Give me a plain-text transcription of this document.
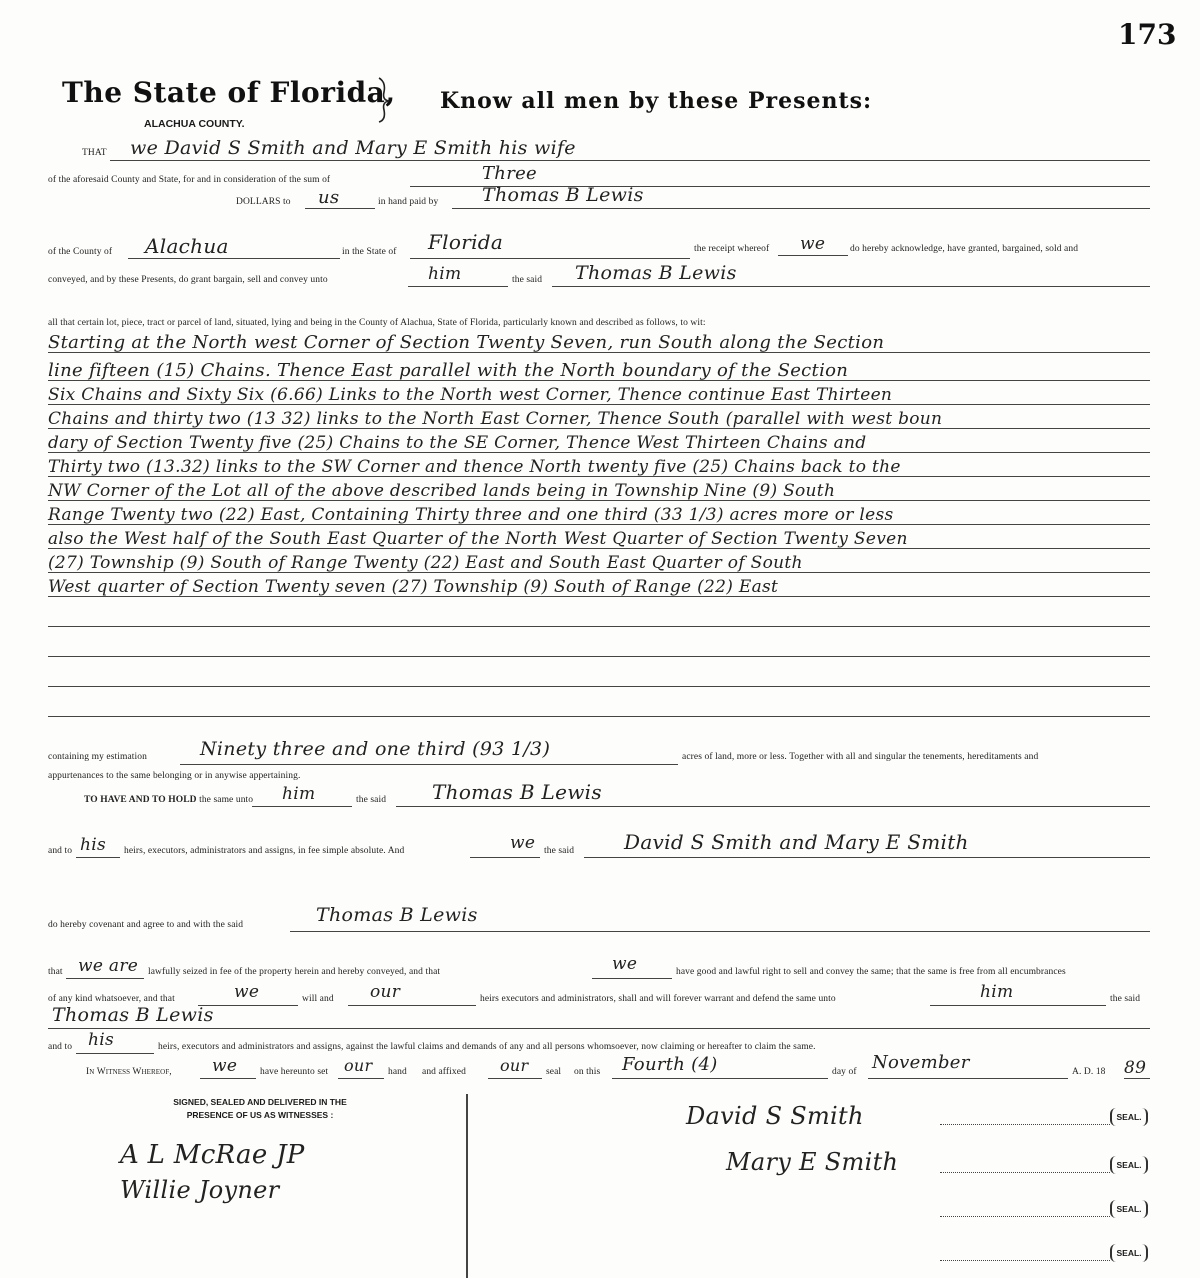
173
The State of Florida, Know all men by these Presents:
ALACHUA COUNTY.
THAT we David S Smith and Mary E Smith his wife
of the aforesaid County and State, for and in consideration of the sum of	Three
DOLLARS to us	in hand paid by Thomas B Lewis
of the County of Alachua	in the State of Florida	the receipt whereof we	do hereby acknowledge, have granted, bargained, sold and
conveyed, and by these Presents, do grant bargain, sell and convey unto	him	the said Thomas B Lewis
all that certain lot, piece, tract or parcel of land, situated, lying and being in the County of Alachua, State of Florida, particularly known and described as follows, to wit:
Starting at the North west Corner of Section Twenty Seven, run South along the Section
line fifteen (15) Chains. Thence East parallel with the North boundary of the Section
Six Chains and Sixty Six (6.66) Links to the North west Corner, Thence continue East Thirteen
Chains and thirty two (13 32) links to the North East Corner, Thence South (parallel with west boun
dary of Section Twenty five (25) Chains to the SE Corner, Thence West Thirteen Chains and
Thirty two (13.32) links to the SW Corner and thence North twenty five (25) Chains back to the
NW Corner of the Lot all of the above described lands being in Township Nine (9) South
Range Twenty two (22) East, Containing Thirty three and one third (33 1/3) acres more or less
also the West half of the South East Quarter of the North West Quarter of Section Twenty Seven
(27) Township (9) South of Range Twenty (22) East and South East Quarter of South
West quarter of Section Twenty seven (27) Township (9) South of Range (22) East
containing my estimation	Ninety three and one third (93 1/3)	acres of land, more or less. Together with all and singular the tenements, hereditaments and
appurtenances to the same belonging or in anywise appertaining.
TO HAVE AND TO HOLD the same unto him	the said Thomas B Lewis
and to his heirs, executors, administrators and assigns, in fee simple absolute. And	we the said David S Smith and Mary E Smith
do hereby covenant and agree to and with the said	Thomas B Lewis
that we are lawfully seized in fee of the property herein and hereby conveyed, and that	we	have good and lawful right to sell and convey the same; that the same is free from all encumbrances
of any kind whatsoever, and that	we	will and our	heirs executors and administrators, shall and will forever warrant and defend the same unto	him	the said
Thomas B Lewis
and to his	heirs, executors and administrators and assigns, against the lawful claims and demands of any and all persons whomsoever, now claiming or hereafter to claim the same.
In Witness Whereof, we have hereunto set our hand and affixed our seal on this Fourth (4)	day of November	A. D. 18 89
SIGNED, SEALED AND DELIVERED IN THE
PRESENCE OF US AS WITNESSES :
A L McRae JP
Willie Joyner
David S Smith
Mary E Smith
SEAL.
SEAL.
SEAL.
SEAL.
